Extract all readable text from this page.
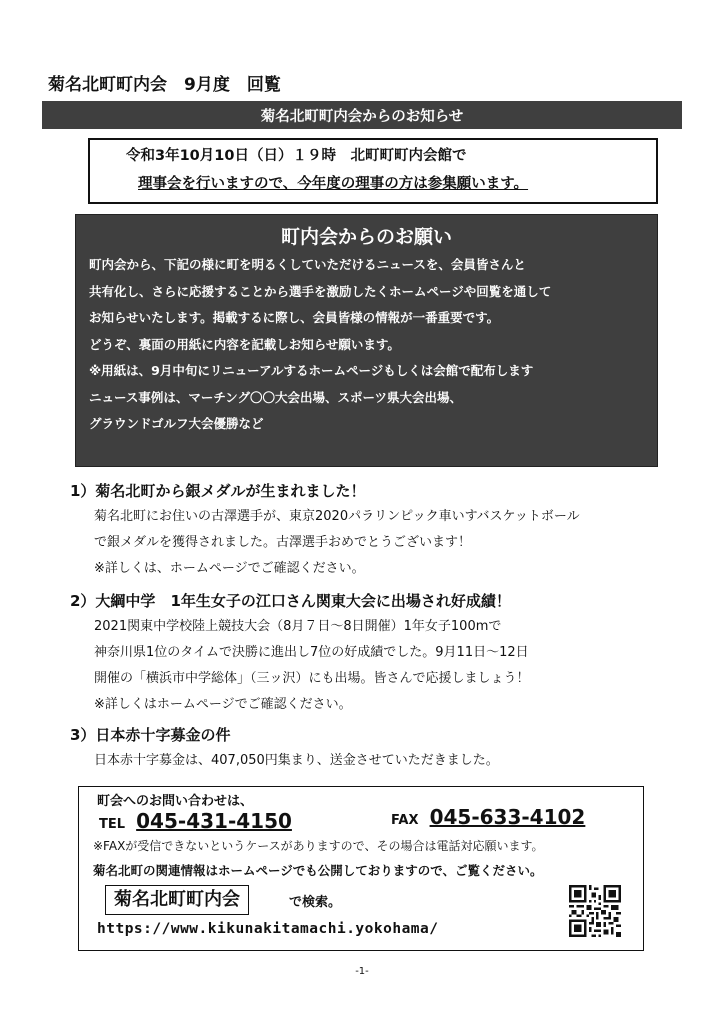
菊名北町町内会　9月度　回覧
菊名北町町内会からのお知らせ
令和3年10月10日（日）１９時　北町町町内会館で
理事会を行いますので、今年度の理事の方は参集願います。
町内会からのお願い
町内会から、下記の様に町を明るくしていただけるニュースを、会員皆さんと
共有化し、さらに応援することから選手を激励したくホームページや回覧を通して
お知らせいたします。掲載するに際し、会員皆様の情報が一番重要です。
どうぞ、裏面の用紙に内容を記載しお知らせ願います。
※用紙は、9月中旬にリニューアルするホームページもしくは会館で配布します
ニュース事例は、マーチング〇〇大会出場、スポーツ県大会出場、
グラウンドゴルフ大会優勝など
1）菊名北町から銀メダルが生まれました！
菊名北町にお住いの古澤選手が、東京2020パラリンピック車いすバスケットボール
で銀メダルを獲得されました。古澤選手おめでとうございます！
※詳しくは、ホームページでご確認ください。
2）大綱中学　1年生女子の江口さん関東大会に出場され好成績！
2021関東中学校陸上競技大会（8月７日～8日開催）1年女子100mで
神奈川県1位のタイムで決勝に進出し7位の好成績でした。9月11日～12日
開催の「横浜市中学総体」（三ッ沢）にも出場。皆さんで応援しましょう！
※詳しくはホームページでご確認ください。
3）日本赤十字募金の件
日本赤十字募金は、407,050円集まり、送金させていただきました。
町会へのお問い合わせは、
TEL 045-431-4150	FAX 045-633-4102
※FAXが受信できないというケースがありますので、その場合は電話対応願います。
菊名北町の関連情報はホームページでも公開しておりますので、ご覧ください。
菊名北町町内会	で検索。
https://www.kikunakitamachi.yokohama/
-1-
